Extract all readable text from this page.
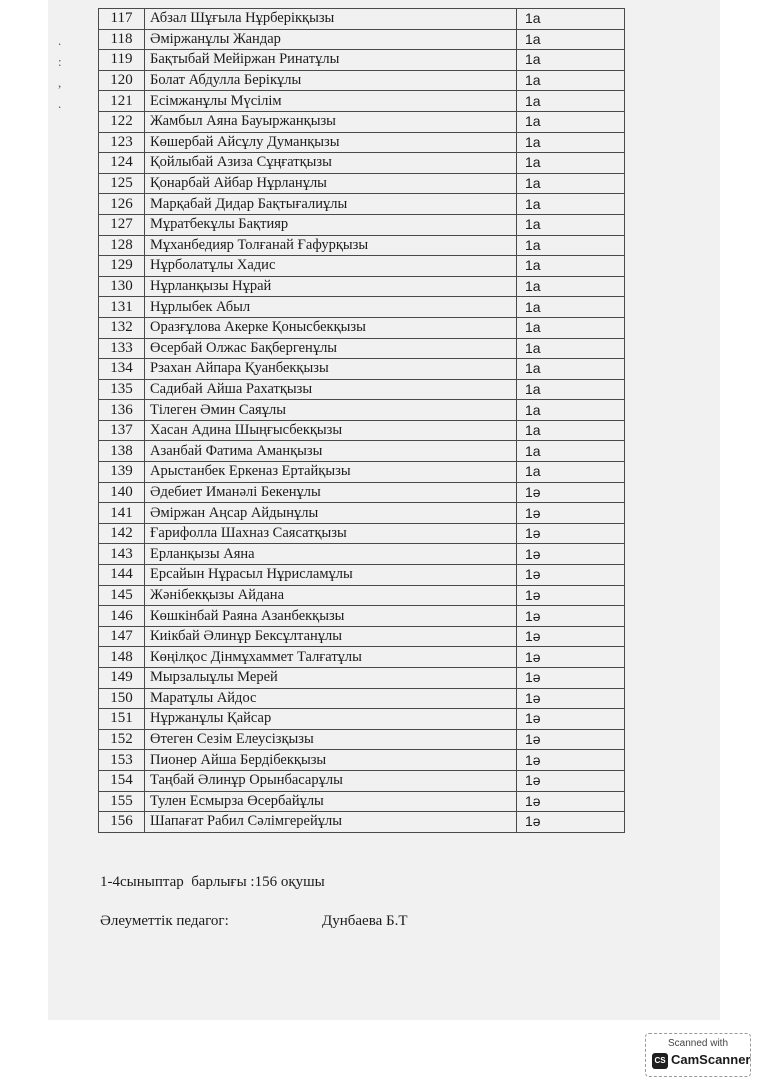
.
:
,
.
117	Абзал Шұғыла Нұрберікқызы	1а
118	Әміржанұлы Жандар	1а
119	Бақтыбай Мейіржан Ринатұлы	1а
120	Болат Абдулла Берікұлы	1а
121	Есімжанұлы Мүсілім	1а
122	Жамбыл Аяна Бауыржанқызы	1а
123	Көшербай Айсұлу Думанқызы	1а
124	Қойлыбай Азиза Сұңғатқызы	1а
125	Қонарбай Айбар Нұрланұлы	1а
126	Марқабай Дидар Бақтығалиұлы	1а
127	Мұратбекұлы Бақтияр	1а
128	Мұханбедияр Толғанай Ғафурқызы	1а
129	Нұрболатұлы Хадис	1а
130	Нұрланқызы Нұрай	1а
131	Нұрлыбек Абыл	1а
132	Оразғұлова Акерке Қонысбекқызы	1а
133	Өсербай Олжас Бақбергенұлы	1а
134	Рзахан Айпара Қуанбекқызы	1а
135	Садибай Айша Рахатқызы	1а
136	Тілеген Әмин Саяұлы	1а
137	Хасан Адина Шыңғысбекқызы	1а
138	Азанбай Фатима Аманқызы	1а
139	Арыстанбек Еркеназ Ертайқызы	1а
140	Әдебиет Иманәлі Бекенұлы	1ә
141	Әміржан Аңсар Айдынұлы	1ә
142	Ғарифолла Шахназ Саясатқызы	1ә
143	Ерланқызы Аяна	1ә
144	Ерсайын Нұрасыл Нұрисламұлы	1ә
145	Жәнібекқызы Айдана	1ә
146	Көшкінбай Раяна Азанбекқызы	1ә
147	Киікбай Әлинұр Бексұлтанұлы	1ә
148	Көңілқос Дінмұхаммет Талғатұлы	1ә
149	Мырзалыұлы Мерей	1ә
150	Маратұлы Айдос	1ә
151	Нұржанұлы Қайсар	1ә
152	Өтеген Сезім Елеусізқызы	1ә
153	Пионер Айша Бердібекқызы	1ә
154	Таңбай Әлинұр Орынбасарұлы	1ә
155	Тулен Есмырза Өсербайұлы	1ә
156	Шапағат Рабил Сәлімгерейұлы	1ә
1-4сыныптар  барлығы :156 оқушы
Әлеуметтік педагог:	Дунбаева Б.Т
Scanned with
CS CamScanner
